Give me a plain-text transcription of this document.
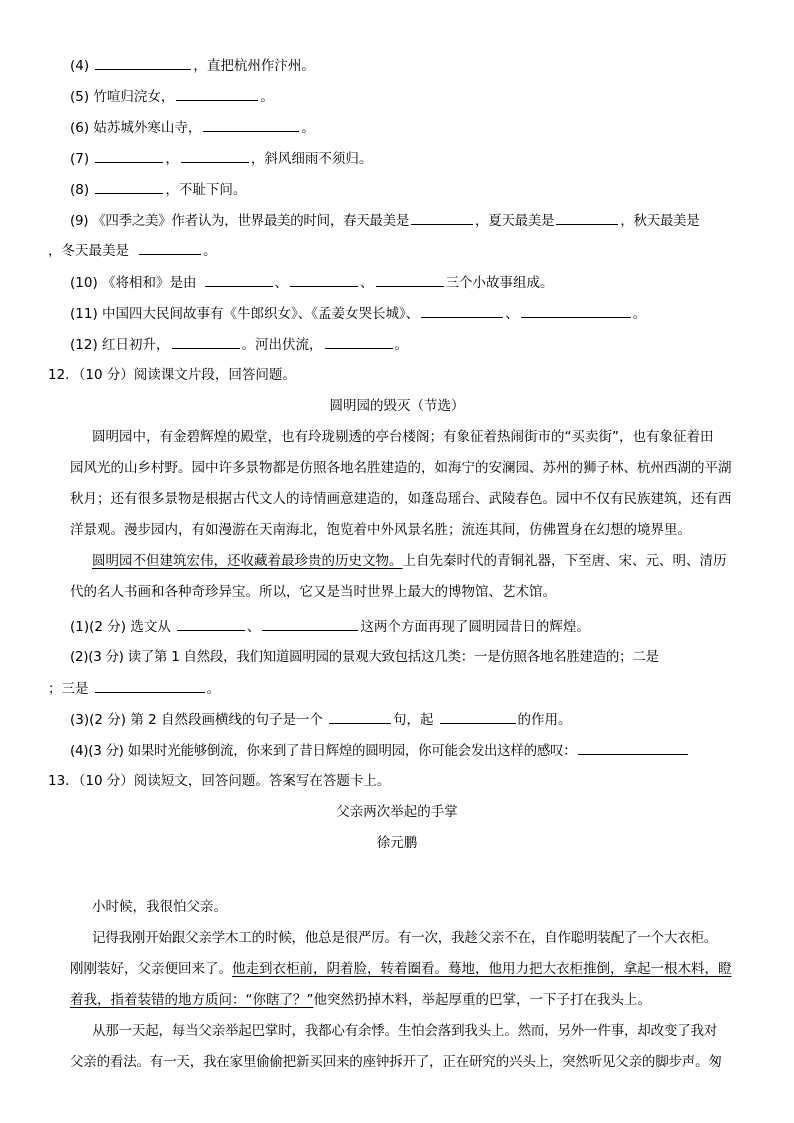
(4)	，直把杭州作汴州。
(5) 竹喧归浣女，	。
(6) 姑苏城外寒山寺，	。
(7)	，	，斜风细雨不须归。
(8)	，不耻下问。
(9) 《四季之美》作者认为，世界最美的时间，春天最美是	，夏天最美是	，秋天最美是
，冬天最美是	。
(10) 《将相和》是由	、	、	三个小故事组成。
(11) 中国四大民间故事有《牛郎织女》、《孟姜女哭长城》、	、	。
(12) 红日初升，	。河出伏流，	。
12．（10 分）阅读课文片段，回答问题。
圆明园的毁灭（节选）
圆明园中，有金碧辉煌的殿堂，也有玲珑剔透的亭台楼阁；有象征着热闹街市的“买卖街”，也有象征着田
园风光的山乡村野。园中许多景物都是仿照各地名胜建造的，如海宁的安澜园、苏州的狮子林、杭州西湖的平湖
秋月；还有很多景物是根据古代文人的诗情画意建造的，如蓬岛瑶台、武陵春色。园中不仅有民族建筑，还有西
洋景观。漫步园内，有如漫游在天南海北，饱览着中外风景名胜；流连其间，仿佛置身在幻想的境界里。
圆明园不但建筑宏伟，还收藏着最珍贵的历史文物。上自先秦时代的青铜礼器，下至唐、宋、元、明、清历
代的名人书画和各种奇珍异宝。所以，它又是当时世界上最大的博物馆、艺术馆。
(1)(2 分) 选文从	、	这两个方面再现了圆明园昔日的辉煌。
(2)(3 分) 读了第 1 自然段，我们知道圆明园的景观大致包括这几类：一是仿照各地名胜建造的；二是
；三是	。
(3)(2 分) 第 2 自然段画横线的句子是一个	句，起	的作用。
(4)(3 分) 如果时光能够倒流，你来到了昔日辉煌的圆明园，你可能会发出这样的感叹：
13．（10 分）阅读短文，回答问题。答案写在答题卡上。
父亲两次举起的手掌
徐元鹏
小时候，我很怕父亲。
记得我刚开始跟父亲学木工的时候，他总是很严厉。有一次，我趁父亲不在，自作聪明装配了一个大衣柜。
刚刚装好，父亲便回来了。他走到衣柜前，阴着脸，转着圈看。蓦地，他用力把大衣柜推倒，拿起一根木料，瞪
着我，指着装错的地方质问：“你瞎了？”他突然扔掉木料，举起厚重的巴掌，一下子打在我头上。
从那一天起，每当父亲举起巴掌时，我都心有余悸。生怕会落到我头上。然而，另外一件事，却改变了我对
父亲的看法。有一天，我在家里偷偷把新买回来的座钟拆开了，正在研究的兴头上，突然听见父亲的脚步声。匆
